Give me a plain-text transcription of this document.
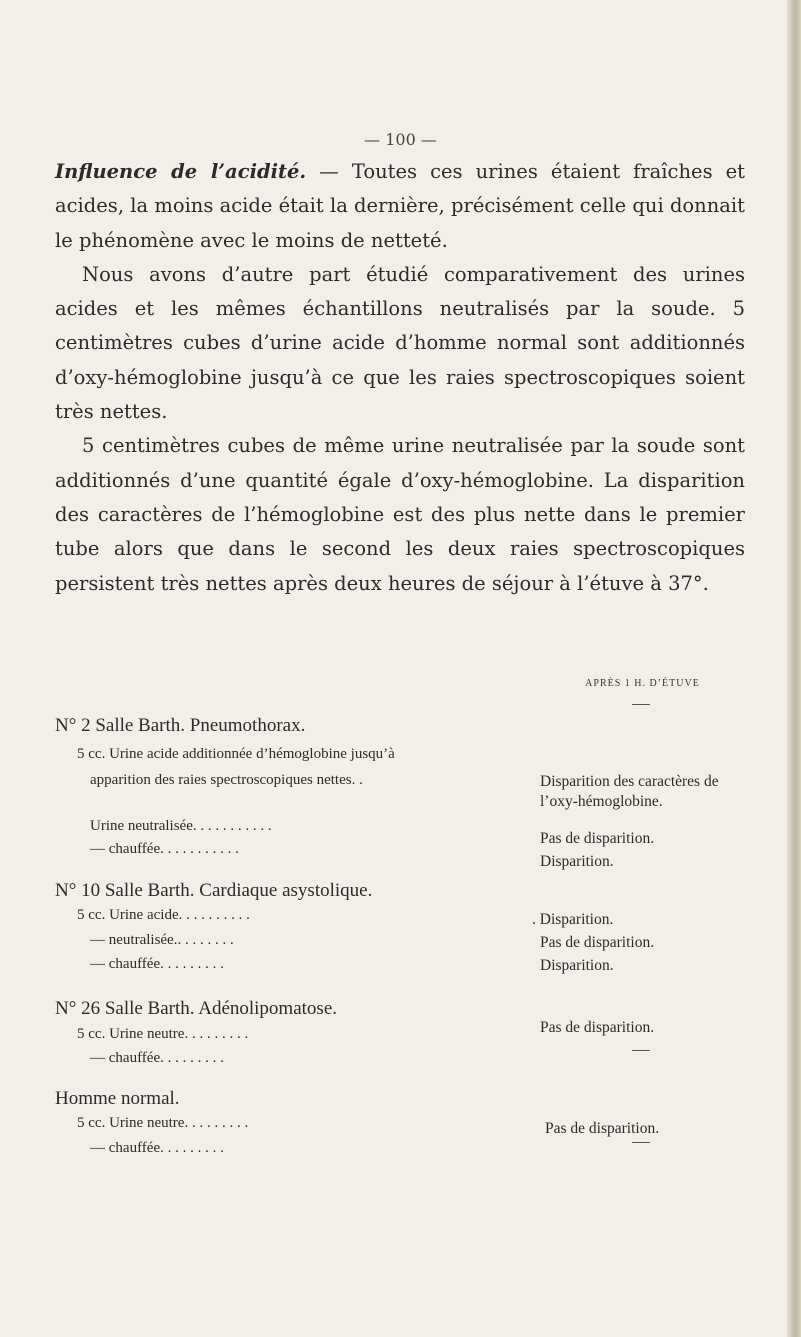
— 100 —

Influence de l’acidité. — Toutes ces urines étaient fraîches et acides, la moins acide était la dernière, précisément celle qui donnait le phénomène avec le moins de netteté.

Nous avons d’autre part étudié comparativement des urines acides et les mêmes échantillons neutralisés par la soude. 5 centimètres cubes d’urine acide d’homme normal sont additionnés d’oxy-hémoglobine jusqu’à ce que les raies spectroscopiques soient très nettes.

5 centimètres cubes de même urine neutralisée par la soude sont additionnés d’une quantité égale d’oxy-hémoglobine. La disparition des caractères de l’hémoglobine est des plus nette dans le premier tube alors que dans le second les deux raies spectroscopiques persistent très nettes après deux heures de séjour à l’étuve à 37°.

APRÈS 1 H. D’ÉTUVE
N° 2 Salle Barth. Pneumothorax.
5 cc. Urine acide additionnée d’hémoglobine jusqu’à
apparition des raies spectroscopiques nettes. .
Urine neutralisée. . . . . . . . . . .
— chauffée. . . . . . . . . . .
Disparition des caractères de l’oxy-hémoglobine.
Pas de disparition.
Disparition.
N° 10 Salle Barth. Cardiaque asystolique.
5 cc. Urine acide. . . . . . . . . .
— neutralisée.. . . . . . . .
— chauffée. . . . . . . . .
. Disparition.
Pas de disparition.
Disparition.
N° 26 Salle Barth. Adénolipomatose.
5 cc. Urine neutre. . . . . . . . .
— chauffée. . . . . . . . .
Pas de disparition.
Homme normal.
5 cc. Urine neutre. . . . . . . . .
— chauffée. . . . . . . . .
Pas de disparition.
